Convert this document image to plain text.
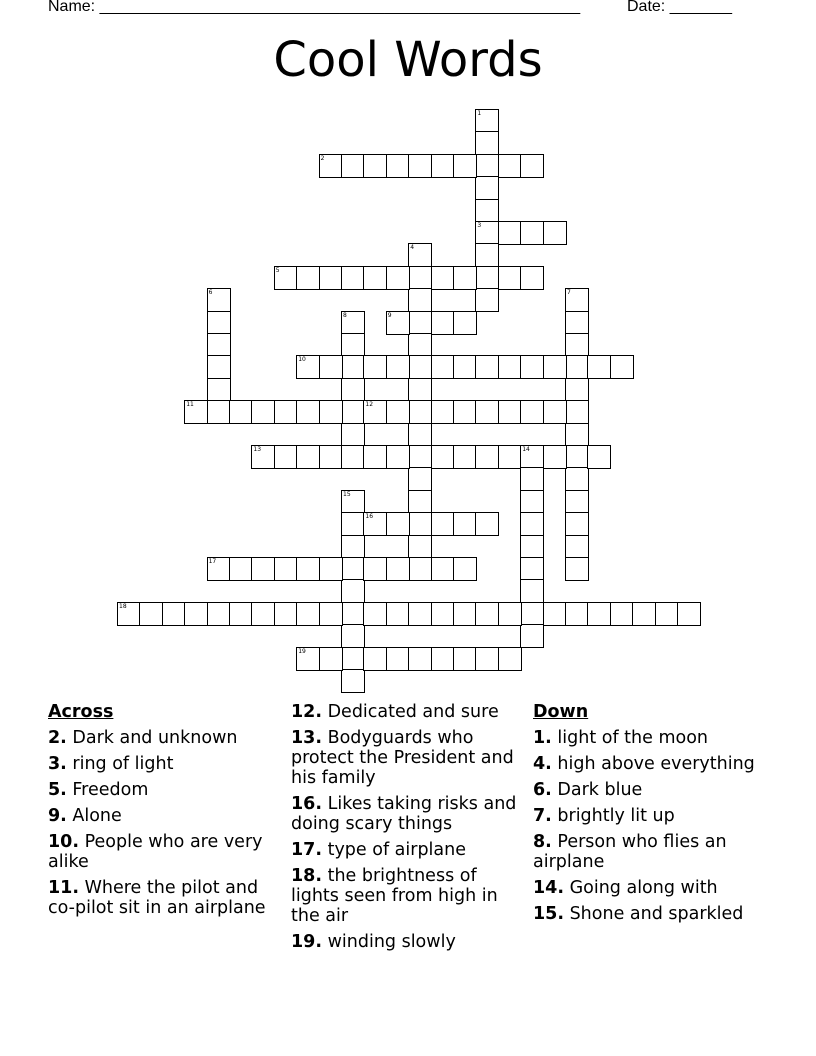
Name: ______________________________________________________	Date: _______
Cool Words
1
3
2
4
5
6	7
8	9
10
11	12
13	14
15
16
17
18
19
Across
2. Dark and unknown
3. ring of light
5. Freedom
9. Alone
10. People who are very alike
11. Where the pilot and co-pilot sit in an airplane
12. Dedicated and sure
13. Bodyguards who protect the President and his family
16. Likes taking risks and doing scary things
17. type of airplane
18. the brightness of lights seen from high in the air
19. winding slowly
Down
1. light of the moon
4. high above everything
6. Dark blue
7. brightly lit up
8. Person who flies an airplane
14. Going along with
15. Shone and sparkled
